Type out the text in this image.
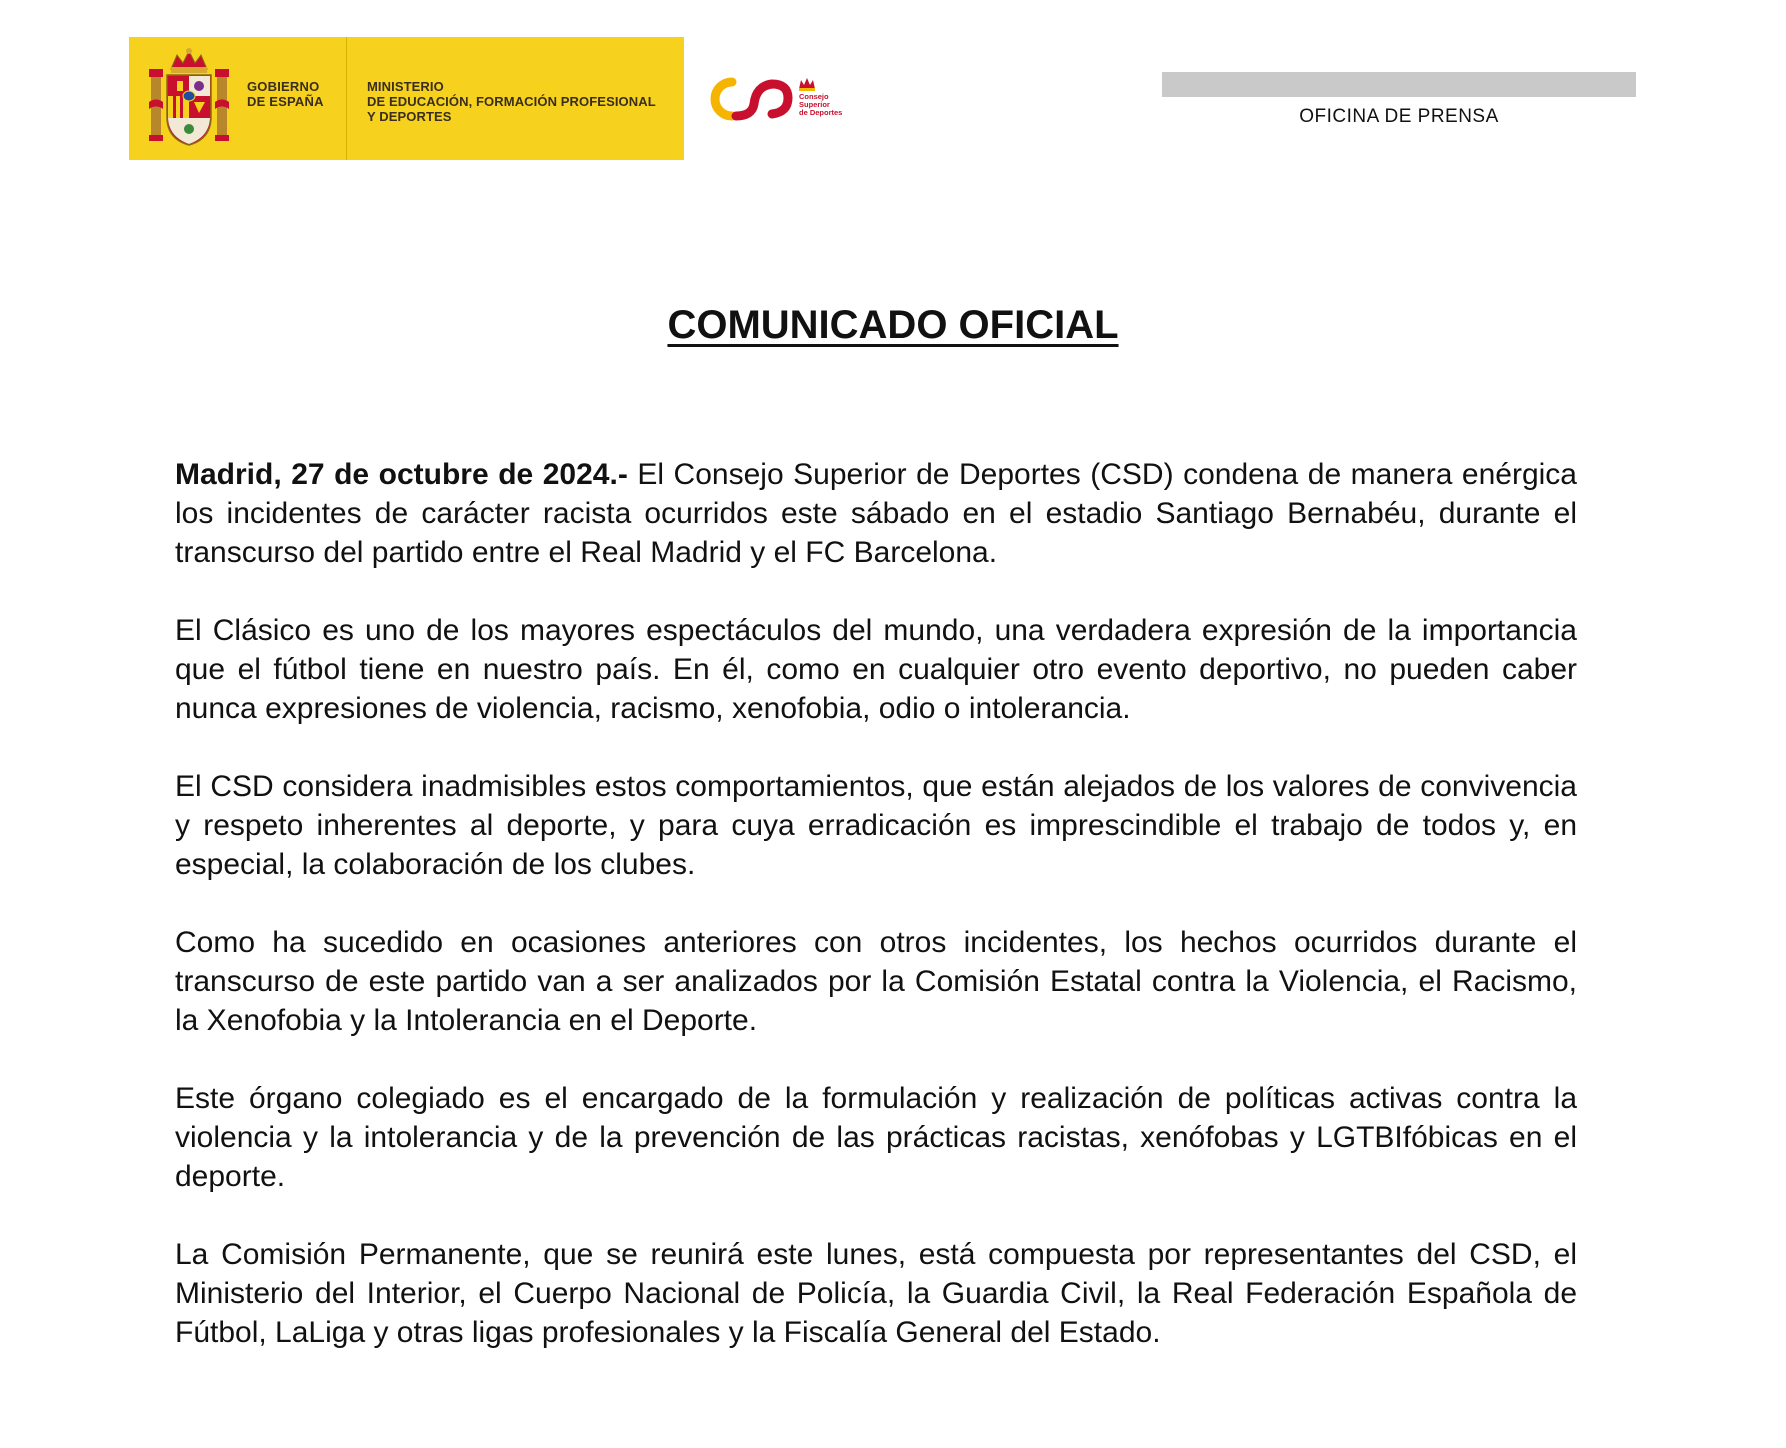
GOBIERNO
DE ESPAÑA
MINISTERIO
DE EDUCACIÓN, FORMACIÓN PROFESIONAL
Y DEPORTES
Consejo
Superior
de Deportes	OFICINA DE PRENSA
COMUNICADO OFICIAL

Madrid, 27 de octubre de 2024.- El Consejo Superior de Deportes (CSD) condena de manera enérgica los incidentes de carácter racista ocurridos este sábado en el estadio Santiago Bernabéu, durante el transcurso del partido entre el Real Madrid y el FC Barcelona.

El Clásico es uno de los mayores espectáculos del mundo, una verdadera expresión de la importancia que el fútbol tiene en nuestro país. En él, como en cualquier otro evento deportivo, no pueden caber nunca expresiones de violencia, racismo, xenofobia, odio o intolerancia.

El CSD considera inadmisibles estos comportamientos, que están alejados de los valores de convivencia y respeto inherentes al deporte, y para cuya erradicación es imprescindible el trabajo de todos y, en especial, la colaboración de los clubes.

Como ha sucedido en ocasiones anteriores con otros incidentes, los hechos ocurridos durante el transcurso de este partido van a ser analizados por la Comisión Estatal contra la Violencia, el Racismo, la Xenofobia y la Intolerancia en el Deporte.

Este órgano colegiado es el encargado de la formulación y realización de políticas activas contra la violencia y la intolerancia y de la prevención de las prácticas racistas, xenófobas y LGTBIfóbicas en el deporte.

La Comisión Permanente, que se reunirá este lunes, está compuesta por representantes del CSD, el Ministerio del Interior, el Cuerpo Nacional de Policía, la Guardia Civil, la Real Federación Española de Fútbol, LaLiga y otras ligas profesionales y la Fiscalía General del Estado.
